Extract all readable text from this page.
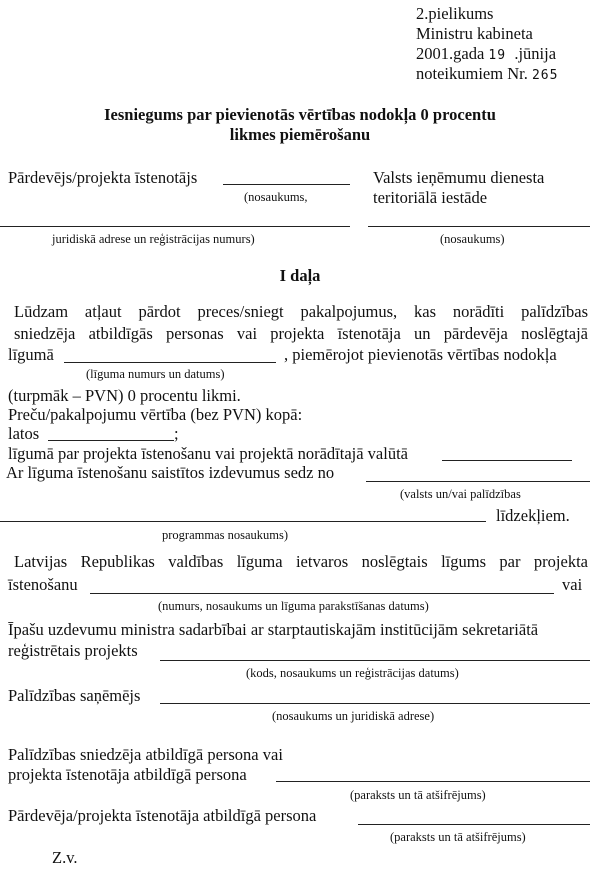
2.pielikums
Ministru kabineta
2001.gada 19 .jūnija
noteikumiem Nr. 265
Iesniegums par pievienotās vērtības nodokļa 0 procentu
likmes piemērošanu
Pārdevējs/projekta īstenotājs
(nosaukums,
juridiskā adrese un reģistrācijas numurs)
Valsts ieņēmumu dienesta
teritoriālā iestāde
(nosaukums)
I daļa
Lūdzam atļaut pārdot preces/sniegt pakalpojumus, kas norādīti palīdzības
sniedzēja atbildīgās personas vai projekta īstenotāja un pārdevēja noslēgtajā
līgumā	, piemērojot pievienotās vērtības nodokļa
(līguma numurs un datums)
(turpmāk – PVN) 0 procentu likmi.
Preču/pakalpojumu vērtība (bez PVN) kopā:
latos	;
līgumā par projekta īstenošanu vai projektā norādītajā valūtā
Ar līguma īstenošanu saistītos izdevumus sedz no
(valsts un/vai palīdzības
līdzekļiem.
programmas nosaukums)
Latvijas Republikas valdības līguma ietvaros noslēgtais līgums par projekta
īstenošanu	vai
(numurs, nosaukums un līguma parakstīšanas datums)
Īpašu uzdevumu ministra sadarbībai ar starptautiskajām institūcijām sekretariātā
reģistrētais projekts
(kods, nosaukums un reģistrācijas datums)
Palīdzības saņēmējs
(nosaukums un juridiskā adrese)
Palīdzības sniedzēja atbildīgā persona vai
projekta īstenotāja atbildīgā persona
(paraksts un tā atšifrējums)
Pārdevēja/projekta īstenotāja atbildīgā persona
(paraksts un tā atšifrējums)
Z.v.
